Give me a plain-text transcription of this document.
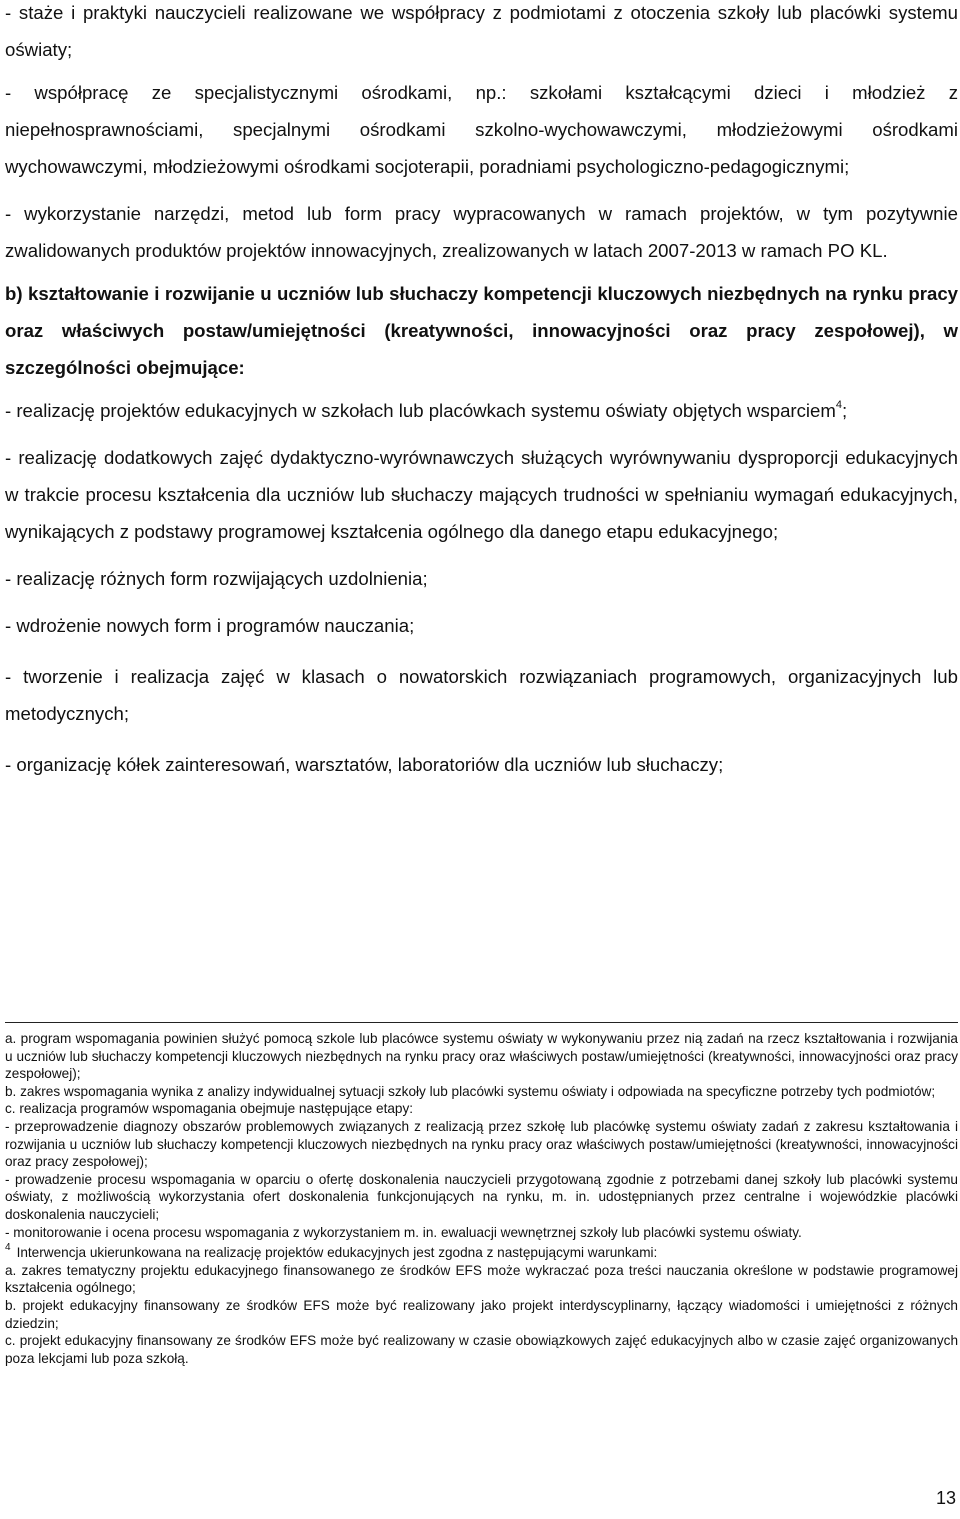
- staże i praktyki nauczycieli realizowane we współpracy z podmiotami z otoczenia szkoły lub placówki systemu oświaty;

- współpracę ze specjalistycznymi ośrodkami, np.: szkołami kształcącymi dzieci i młodzież z niepełnosprawnościami, specjalnymi ośrodkami szkolno-wychowawczymi, młodzieżowymi ośrodkami wychowawczymi, młodzieżowymi ośrodkami socjoterapii, poradniami psychologiczno-pedagogicznymi;

- wykorzystanie narzędzi, metod lub form pracy wypracowanych w ramach projektów, w tym pozytywnie zwalidowanych produktów projektów innowacyjnych, zrealizowanych w latach 2007-2013 w ramach PO KL.

b) kształtowanie i rozwijanie u uczniów lub słuchaczy kompetencji kluczowych niezbędnych na rynku pracy oraz właściwych postaw/umiejętności (kreatywności, innowacyjności oraz pracy zespołowej), w szczególności obejmujące:

- realizację projektów edukacyjnych w szkołach lub placówkach systemu oświaty objętych wsparciem$^4$;

- realizację dodatkowych zajęć dydaktyczno-wyrównawczych służących wyrównywaniu dysproporcji edukacyjnych w trakcie procesu kształcenia dla uczniów lub słuchaczy mających trudności w spełnianiu wymagań edukacyjnych, wynikających z podstawy programowej kształcenia ogólnego dla danego etapu edukacyjnego;

- realizację różnych form rozwijających uzdolnienia;

- wdrożenie nowych form i programów nauczania;

- tworzenie i realizacja zajęć w klasach o nowatorskich rozwiązaniach programowych, organizacyjnych lub metodycznych;

- organizację kółek zainteresowań, warsztatów, laboratoriów dla uczniów lub słuchaczy;

a. program wspomagania powinien służyć pomocą szkole lub placówce systemu oświaty w wykonywaniu przez nią zadań na rzecz kształtowania i rozwijania u uczniów lub słuchaczy kompetencji kluczowych niezbędnych na rynku pracy oraz właściwych postaw/umiejętności (kreatywności, innowacyjności oraz pracy zespołowej);

b. zakres wspomagania wynika z analizy indywidualnej sytuacji szkoły lub placówki systemu oświaty i odpowiada na specyficzne potrzeby tych podmiotów;

c. realizacja programów wspomagania obejmuje następujące etapy:

- przeprowadzenie diagnozy obszarów problemowych związanych z realizacją przez szkołę lub placówkę systemu oświaty zadań z zakresu kształtowania i rozwijania u uczniów lub słuchaczy kompetencji kluczowych niezbędnych na rynku pracy oraz właściwych postaw/umiejętności (kreatywności, innowacyjności oraz pracy zespołowej);

- prowadzenie procesu wspomagania w oparciu o ofertę doskonalenia nauczycieli przygotowaną zgodnie z potrzebami danej szkoły lub placówki systemu oświaty, z możliwością wykorzystania ofert doskonalenia funkcjonujących na rynku, m. in. udostępnianych przez centralne i wojewódzkie placówki doskonalenia nauczycieli;

- monitorowanie i ocena procesu wspomagania z wykorzystaniem m. in. ewaluacji wewnętrznej szkoły lub placówki systemu oświaty.

$^4$ Interwencja ukierunkowana na realizację projektów edukacyjnych jest zgodna z następującymi warunkami:

a. zakres tematyczny projektu edukacyjnego finansowanego ze środków EFS może wykraczać poza treści nauczania określone w podstawie programowej kształcenia ogólnego;

b. projekt edukacyjny finansowany ze środków EFS może być realizowany jako projekt interdyscyplinarny, łączący wiadomości i umiejętności z różnych dziedzin;

c. projekt edukacyjny finansowany ze środków EFS może być realizowany w czasie obowiązkowych zajęć edukacyjnych albo w czasie zajęć organizowanych poza lekcjami lub poza szkołą.

13
